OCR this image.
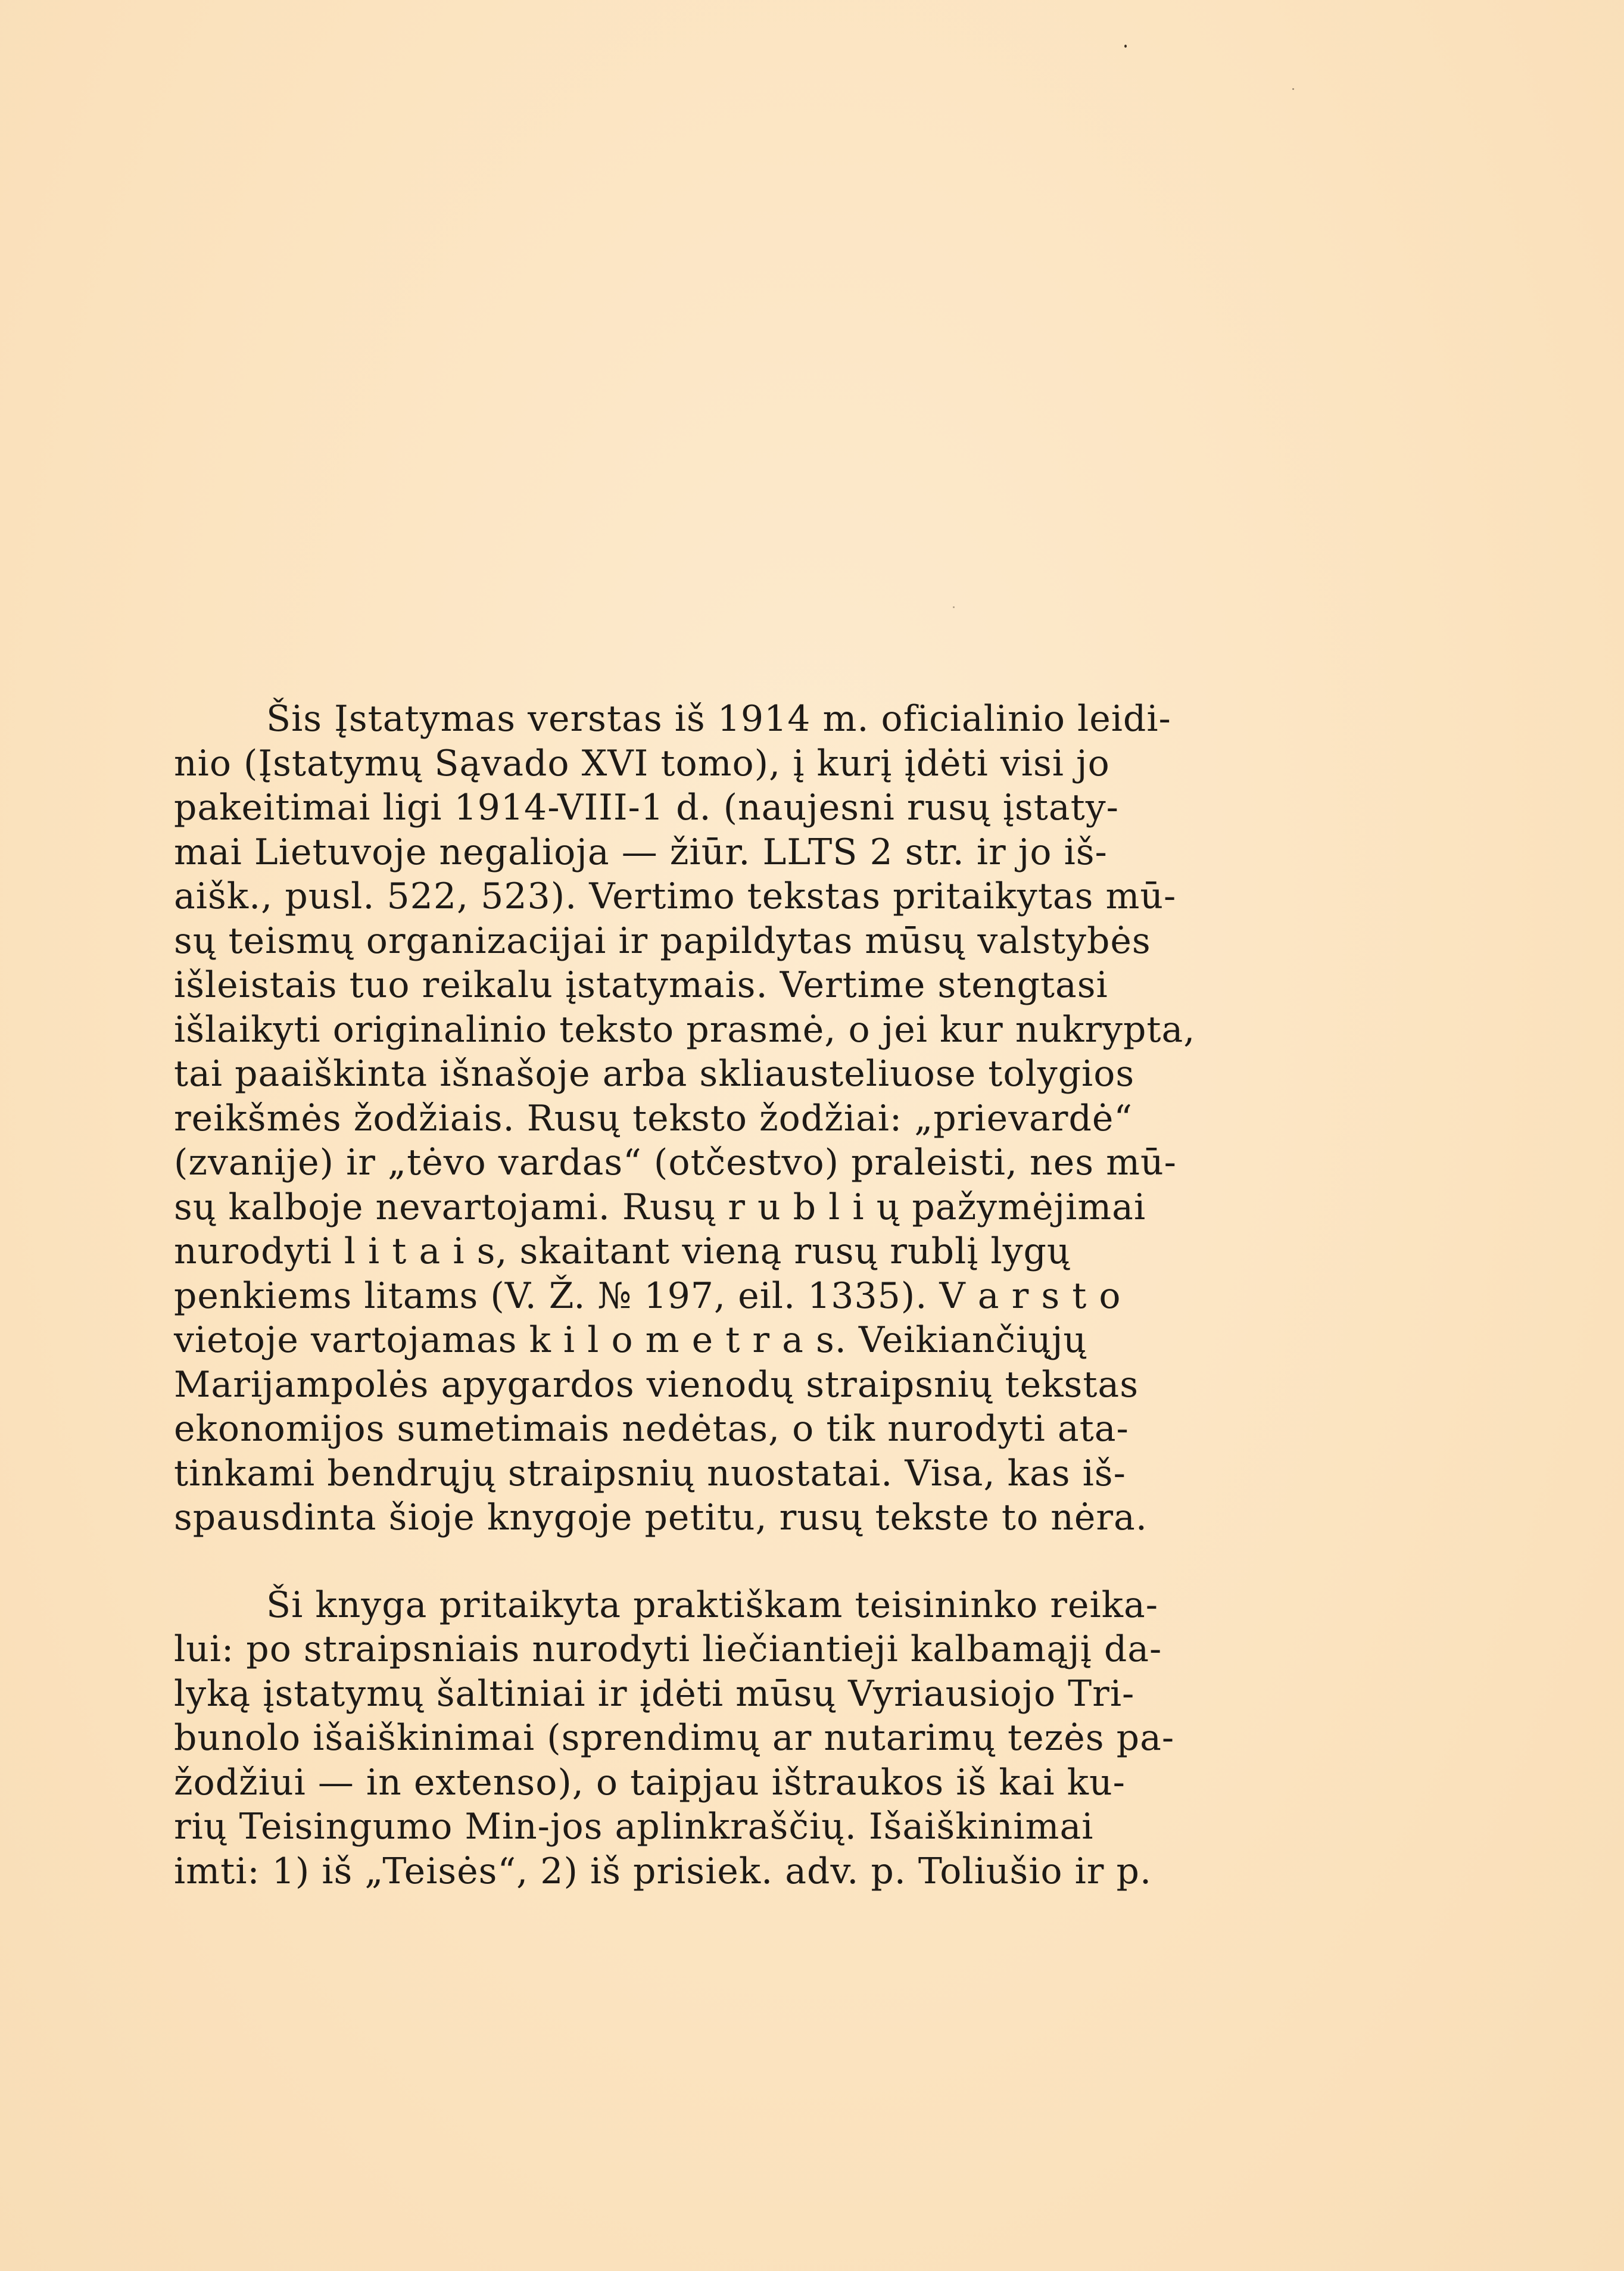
Šis Įstatymas verstas iš 1914 m. oficialinio leidi-
nio (Įstatymų Sąvado XVI tomo), į kurį įdėti visi jo
pakeitimai ligi 1914-VIII-1 d. (naujesni rusų įstaty-
mai Lietuvoje negalioja — žiūr. LLTS 2 str. ir jo iš-
aišk., pusl. 522, 523). Vertimo tekstas pritaikytas mū-
sų teismų organizacijai ir papildytas mūsų valstybės
išleistais tuo reikalu įstatymais. Vertime stengtasi
išlaikyti originalinio teksto prasmė, o jei kur nukrypta,
tai paaiškinta išnašoje arba skliausteliuose tolygios
reikšmės žodžiais. Rusų teksto žodžiai: „prievardė“
(zvanije) ir „tėvo vardas“ (otčestvo) praleisti, nes mū-
sų kalboje nevartojami. Rusų r u b l i ų pažymėjimai
nurodyti l i t a i s, skaitant vieną rusų rublį lygų
penkiems litams (V. Ž. № 197, eil. 1335). V a r s t o
vietoje vartojamas k i l o m e t r a s. Veikiančiųjų
Marijampolės apygardos vienodų straipsnių tekstas
ekonomijos sumetimais nedėtas, o tik nurodyti ata-
tinkami bendrųjų straipsnių nuostatai. Visa, kas iš-
spausdinta šioje knygoje petitu, rusų tekste to nėra.
Ši knyga pritaikyta praktiškam teisininko reika-
lui: po straipsniais nurodyti liečiantieji kalbamąjį da-
lyką įstatymų šaltiniai ir įdėti mūsų Vyriausiojo Tri-
bunolo išaiškinimai (sprendimų ar nutarimų tezės pa-
žodžiui — in extenso), o taipjau ištraukos iš kai ku-
rių Teisingumo Min-jos aplinkraščių. Išaiškinimai
imti: 1) iš „Teisės“, 2) iš prisiek. adv. p. Toliušio ir p.
